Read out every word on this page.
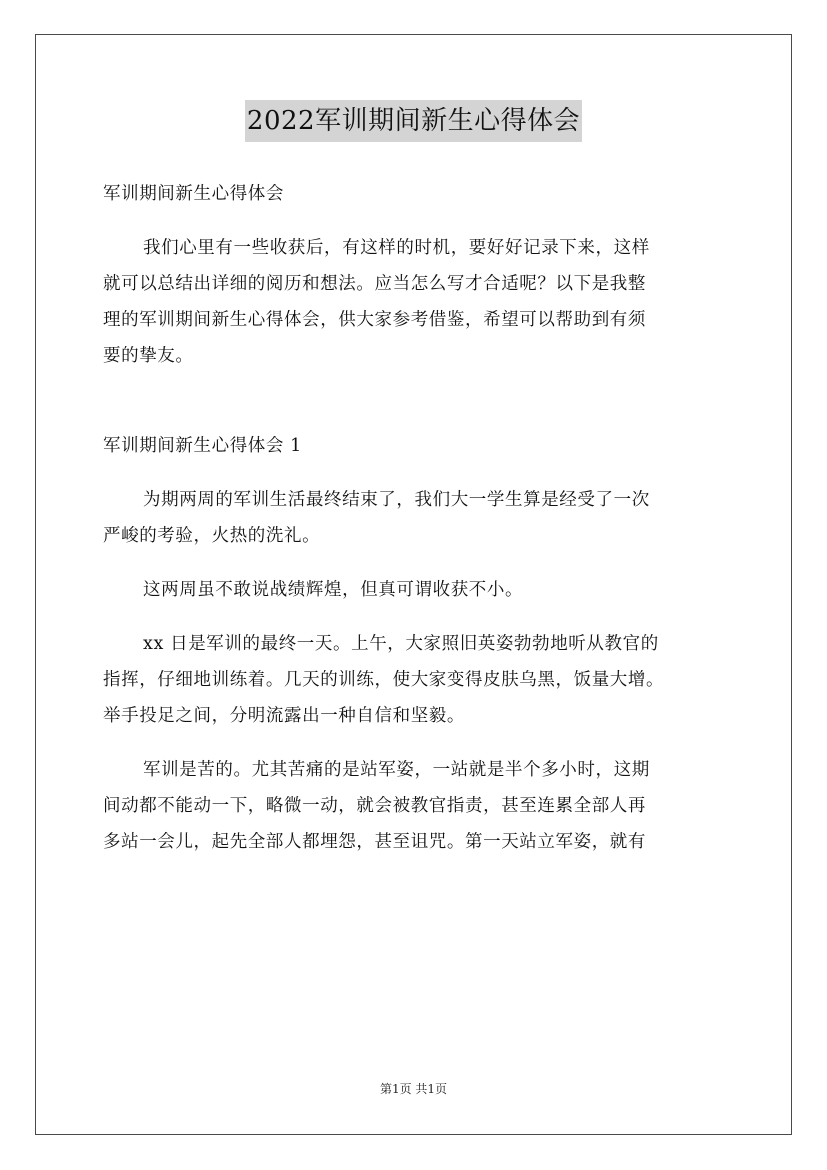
2022军训期间新生心得体会
军训期间新生心得体会
我们心里有一些收获后，有这样的时机，要好好记录下来，这样
就可以总结出详细的阅历和想法。应当怎么写才合适呢？以下是我整
理的军训期间新生心得体会，供大家参考借鉴，希望可以帮助到有须
要的挚友。
军训期间新生心得体会 1
为期两周的军训生活最终结束了，我们大一学生算是经受了一次
严峻的考验，火热的洗礼。
这两周虽不敢说战绩辉煌，但真可谓收获不小。
xx 日是军训的最终一天。上午，大家照旧英姿勃勃地听从教官的
指挥，仔细地训练着。几天的训练，使大家变得皮肤乌黑，饭量大增。
举手投足之间，分明流露出一种自信和坚毅。
军训是苦的。尤其苦痛的是站军姿，一站就是半个多小时，这期
间动都不能动一下，略微一动，就会被教官指责，甚至连累全部人再
多站一会儿，起先全部人都埋怨，甚至诅咒。第一天站立军姿，就有
第1页 共1页
